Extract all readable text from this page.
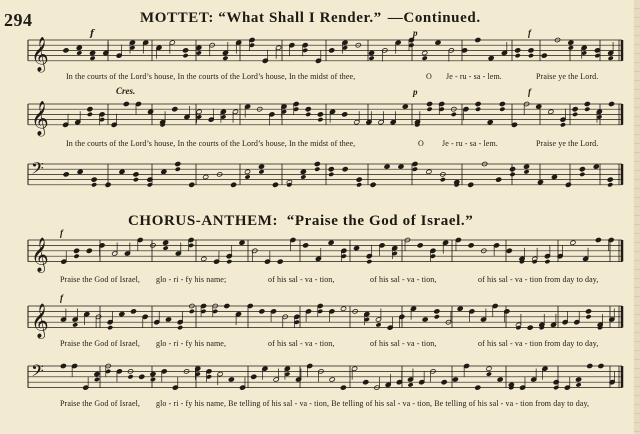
294	MOTTET: “What Shall I Render.” —Continued.
CHORUS-ANTHEM:  “Praise the God of Israel.”
𝄞
𝄞
𝄢
𝄞
𝄞
𝄢
f	p	f
Cres.	p	f
In the courts of the Lord’s house, In the courts of the Lord’s house, In the midst of thee,	O Je - ru - sa - lem.	Praise ye the Lord.
In the courts of the Lord’s house, In the courts of the Lord’s house, In the midst of thee,	O Je - ru - sa - lem.	Praise ye the Lord.
f
f
Praise the God of Israel, glo - ri - fy his name;	of his sal - va - tion,	of his sal - va - tion,	of his sal - va - tion from day to day,
Praise the God of Israel, glo - ri - fy his name,	of his sal - va - tion,	of his sal - va - tion,	of his sal - va - tion from day to day,
Praise the God of Israel, glo - ri - fy his name, Be telling of his sal - va - tion, Be telling of his sal - va - tion, Be telling of his sal - va - tion from day to day,
